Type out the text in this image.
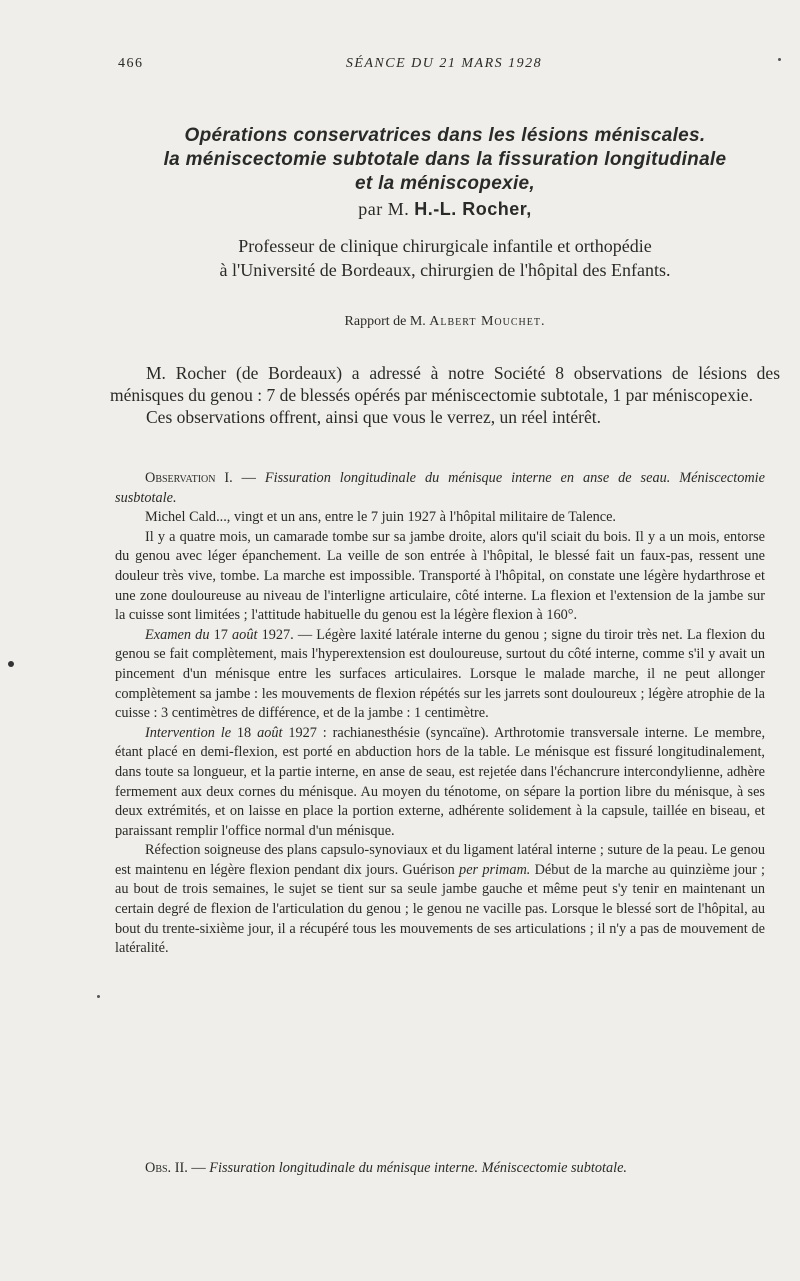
466	SÉANCE DU 21 MARS 1928
Opérations conservatrices dans les lésions méniscales.
la méniscectomie subtotale dans la fissuration longitudinale
et la méniscopexie,
par M. H.-L. Rocher,
Professeur de clinique chirurgicale infantile et orthopédie
à l'Université de Bordeaux, chirurgien de l'hôpital des Enfants.
Rapport de M. Albert Mouchet.

M. Rocher (de Bordeaux) a adressé à notre Société 8 observations de lésions des ménisques du genou : 7 de blessés opérés par méniscectomie subtotale, 1 par méniscopexie.

Ces observations offrent, ainsi que vous le verrez, un réel intérêt.

Observation I. — Fissuration longitudinale du ménisque interne en anse de seau. Méniscectomie susbtotale.

Michel Cald..., vingt et un ans, entre le 7 juin 1927 à l'hôpital militaire de Talence.

Il y a quatre mois, un camarade tombe sur sa jambe droite, alors qu'il sciait du bois. Il y a un mois, entorse du genou avec léger épanchement. La veille de son entrée à l'hôpital, le blessé fait un faux-pas, ressent une douleur très vive, tombe. La marche est impossible. Transporté à l'hôpital, on constate une légère hydarthrose et une zone douloureuse au niveau de l'interligne articulaire, côté interne. La flexion et l'extension de la jambe sur la cuisse sont limitées ; l'attitude habituelle du genou est la légère flexion à 160°.

Examen du 17 août 1927. — Légère laxité latérale interne du genou ; signe du tiroir très net. La flexion du genou se fait complètement, mais l'hyperextension est douloureuse, surtout du côté interne, comme s'il y avait un pincement d'un ménisque entre les surfaces articulaires. Lorsque le malade marche, il ne peut allonger complètement sa jambe : les mouvements de flexion répétés sur les jarrets sont douloureux ; légère atrophie de la cuisse : 3 centimètres de différence, et de la jambe : 1 centimètre.

Intervention le 18 août 1927 : rachianesthésie (syncaïne). Arthrotomie transversale interne. Le membre, étant placé en demi-flexion, est porté en abduction hors de la table. Le ménisque est fissuré longitudinalement, dans toute sa longueur, et la partie interne, en anse de seau, est rejetée dans l'échancrure intercondylienne, adhère fermement aux deux cornes du ménisque. Au moyen du ténotome, on sépare la portion libre du ménisque, à ses deux extrémités, et on laisse en place la portion externe, adhérente solidement à la capsule, taillée en biseau, et paraissant remplir l'office normal d'un ménisque.

Réfection soigneuse des plans capsulo-synoviaux et du ligament latéral interne ; suture de la peau. Le genou est maintenu en légère flexion pendant dix jours. Guérison per primam. Début de la marche au quinzième jour ; au bout de trois semaines, le sujet se tient sur sa seule jambe gauche et même peut s'y tenir en maintenant un certain degré de flexion de l'articulation du genou ; le genou ne vacille pas. Lorsque le blessé sort de l'hôpital, au bout du trente-sixième jour, il a récupéré tous les mouvements de ses articulations ; il n'y a pas de mouvement de latéralité.

Obs. II. — Fissuration longitudinale du ménisque interne. Méniscectomie subtotale.
